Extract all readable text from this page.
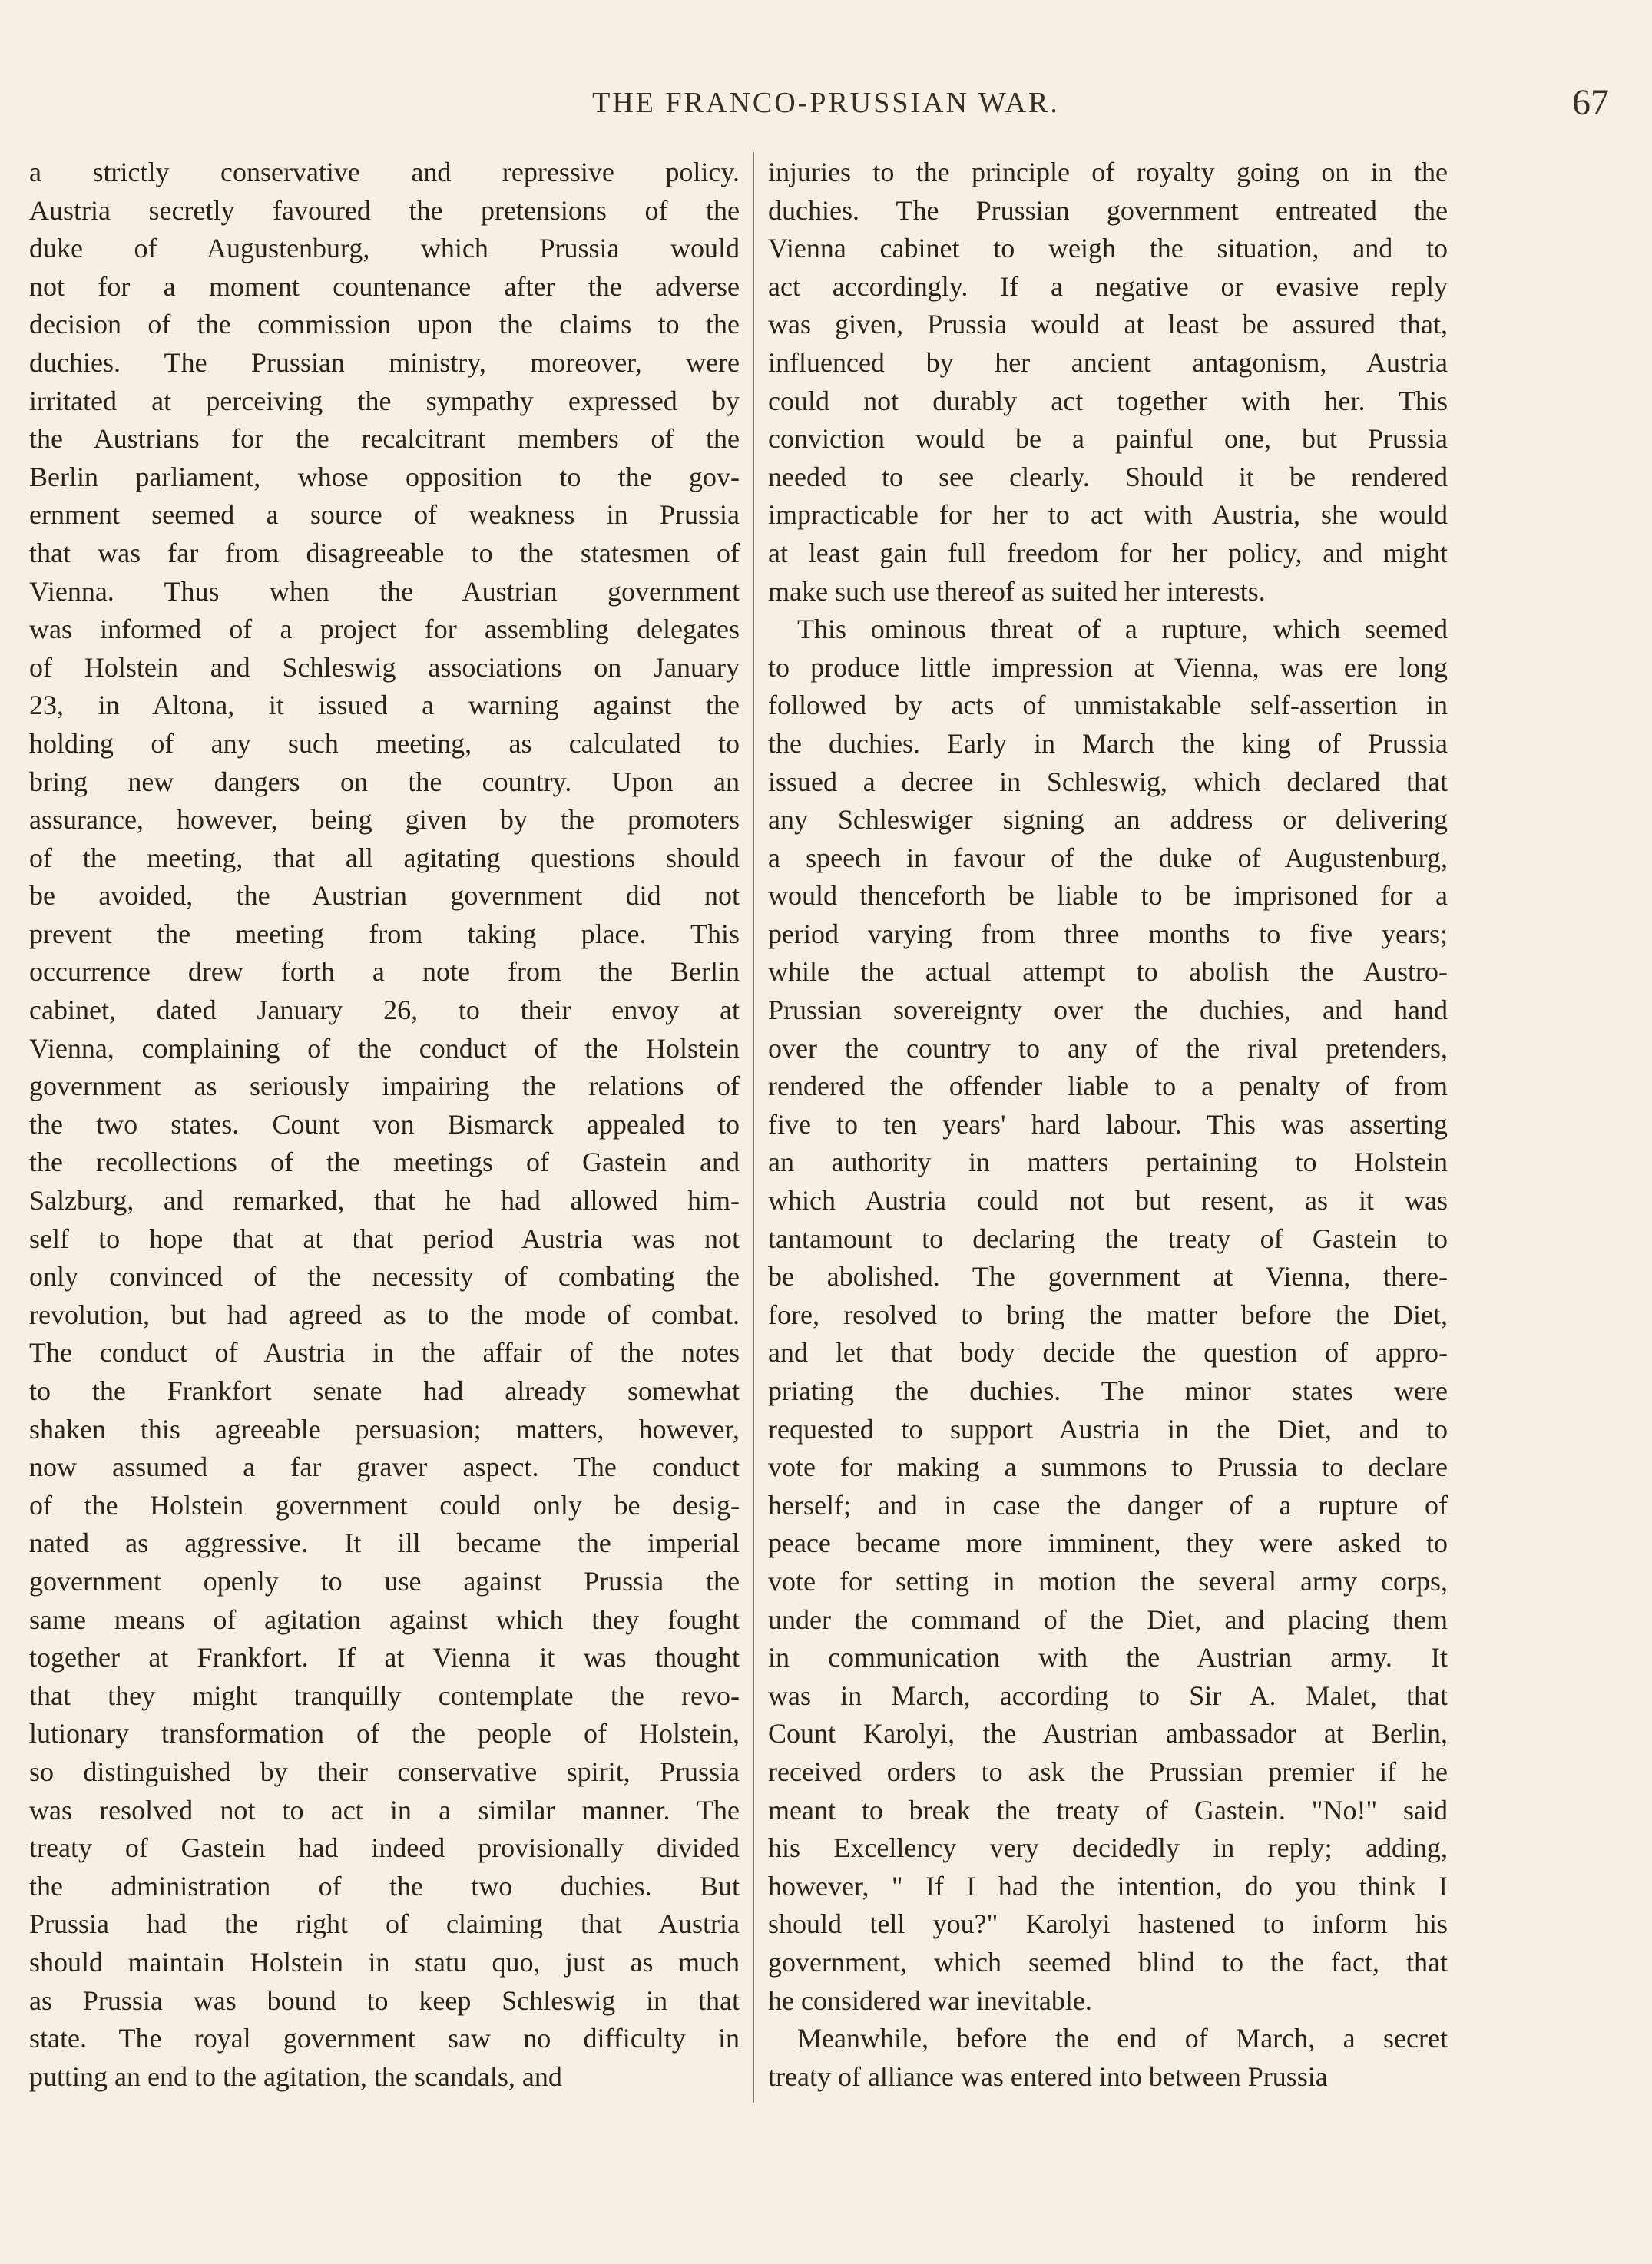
THE FRANCO-PRUSSIAN WAR.	67
a strictly conservative and repressive policy.
Austria secretly favoured the pretensions of the
duke of Augustenburg, which Prussia would
not for a moment countenance after the adverse
decision of the commission upon the claims to the
duchies. The Prussian ministry, moreover, were
irritated at perceiving the sympathy expressed by
the Austrians for the recalcitrant members of the
Berlin parliament, whose opposition to the gov-
ernment seemed a source of weakness in Prussia
that was far from disagreeable to the statesmen of
Vienna. Thus when the Austrian government
was informed of a project for assembling delegates
of Holstein and Schleswig associations on January
23, in Altona, it issued a warning against the
holding of any such meeting, as calculated to
bring new dangers on the country. Upon an
assurance, however, being given by the promoters
of the meeting, that all agitating questions should
be avoided, the Austrian government did not
prevent the meeting from taking place. This
occurrence drew forth a note from the Berlin
cabinet, dated January 26, to their envoy at
Vienna, complaining of the conduct of the Holstein
government as seriously impairing the relations of
the two states. Count von Bismarck appealed to
the recollections of the meetings of Gastein and
Salzburg, and remarked, that he had allowed him-
self to hope that at that period Austria was not
only convinced of the necessity of combating the
revolution, but had agreed as to the mode of combat.
The conduct of Austria in the affair of the notes
to the Frankfort senate had already somewhat
shaken this agreeable persuasion; matters, however,
now assumed a far graver aspect. The conduct
of the Holstein government could only be desig-
nated as aggressive. It ill became the imperial
government openly to use against Prussia the
same means of agitation against which they fought
together at Frankfort. If at Vienna it was thought
that they might tranquilly contemplate the revo-
lutionary transformation of the people of Holstein,
so distinguished by their conservative spirit, Prussia
was resolved not to act in a similar manner. The
treaty of Gastein had indeed provisionally divided
the administration of the two duchies. But
Prussia had the right of claiming that Austria
should maintain Holstein in statu quo, just as much
as Prussia was bound to keep Schleswig in that
state. The royal government saw no difficulty in
putting an end to the agitation, the scandals, and
injuries to the principle of royalty going on in the
duchies. The Prussian government entreated the
Vienna cabinet to weigh the situation, and to
act accordingly. If a negative or evasive reply
was given, Prussia would at least be assured that,
influenced by her ancient antagonism, Austria
could not durably act together with her. This
conviction would be a painful one, but Prussia
needed to see clearly. Should it be rendered
impracticable for her to act with Austria, she would
at least gain full freedom for her policy, and might
make such use thereof as suited her interests.
This ominous threat of a rupture, which seemed
to produce little impression at Vienna, was ere long
followed by acts of unmistakable self-assertion in
the duchies. Early in March the king of Prussia
issued a decree in Schleswig, which declared that
any Schleswiger signing an address or delivering
a speech in favour of the duke of Augustenburg,
would thenceforth be liable to be imprisoned for a
period varying from three months to five years;
while the actual attempt to abolish the Austro-
Prussian sovereignty over the duchies, and hand
over the country to any of the rival pretenders,
rendered the offender liable to a penalty of from
five to ten years' hard labour. This was asserting
an authority in matters pertaining to Holstein
which Austria could not but resent, as it was
tantamount to declaring the treaty of Gastein to
be abolished. The government at Vienna, there-
fore, resolved to bring the matter before the Diet,
and let that body decide the question of appro-
priating the duchies. The minor states were
requested to support Austria in the Diet, and to
vote for making a summons to Prussia to declare
herself; and in case the danger of a rupture of
peace became more imminent, they were asked to
vote for setting in motion the several army corps,
under the command of the Diet, and placing them
in communication with the Austrian army. It
was in March, according to Sir A. Malet, that
Count Karolyi, the Austrian ambassador at Berlin,
received orders to ask the Prussian premier if he
meant to break the treaty of Gastein. "No!" said
his Excellency very decidedly in reply; adding,
however, " If I had the intention, do you think I
should tell you?" Karolyi hastened to inform his
government, which seemed blind to the fact, that
he considered war inevitable.
Meanwhile, before the end of March, a secret
treaty of alliance was entered into between Prussia
